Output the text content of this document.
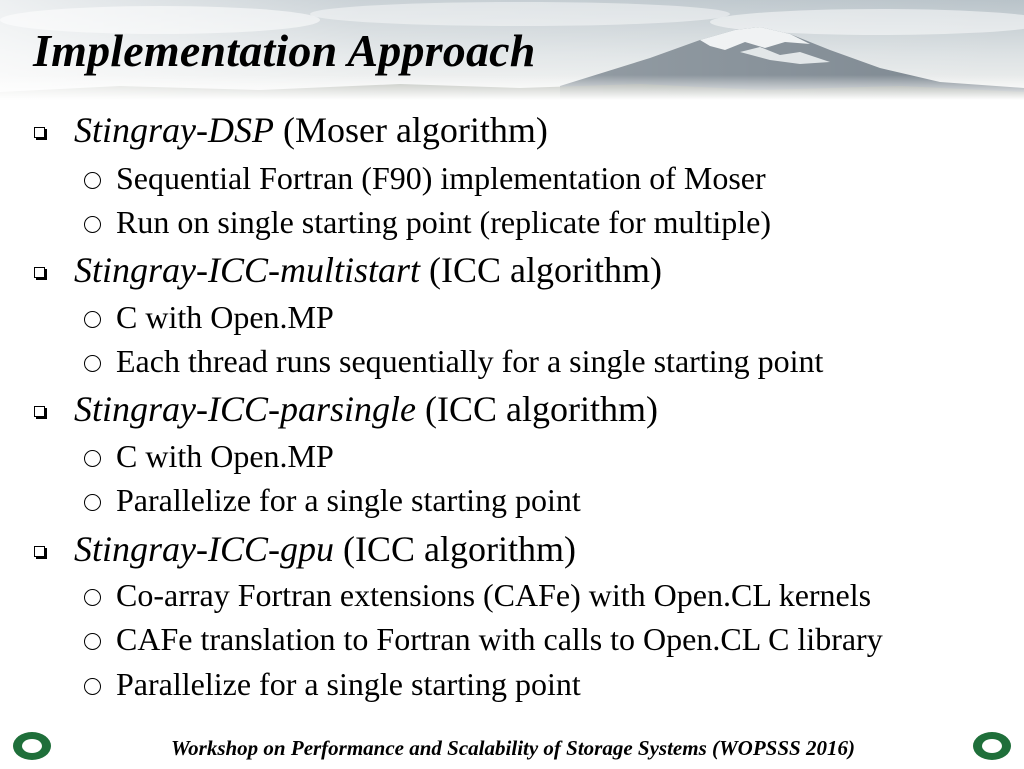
Implementation Approach
Stingray-DSP (Moser algorithm)
Sequential Fortran (F90) implementation of Moser
Run on single starting point (replicate for multiple)
Stingray-ICC-multistart (ICC algorithm)
C with Open.MP
Each thread runs sequentially for a single starting point
Stingray-ICC-parsingle (ICC algorithm)
C with Open.MP
Parallelize for a single starting point
Stingray-ICC-gpu (ICC algorithm)
Co-array Fortran extensions (CAFe) with Open.CL kernels
CAFe translation to Fortran with calls to Open.CL C library
Parallelize for a single starting point
Workshop on Performance and Scalability of Storage Systems (WOPSSS 2016)
